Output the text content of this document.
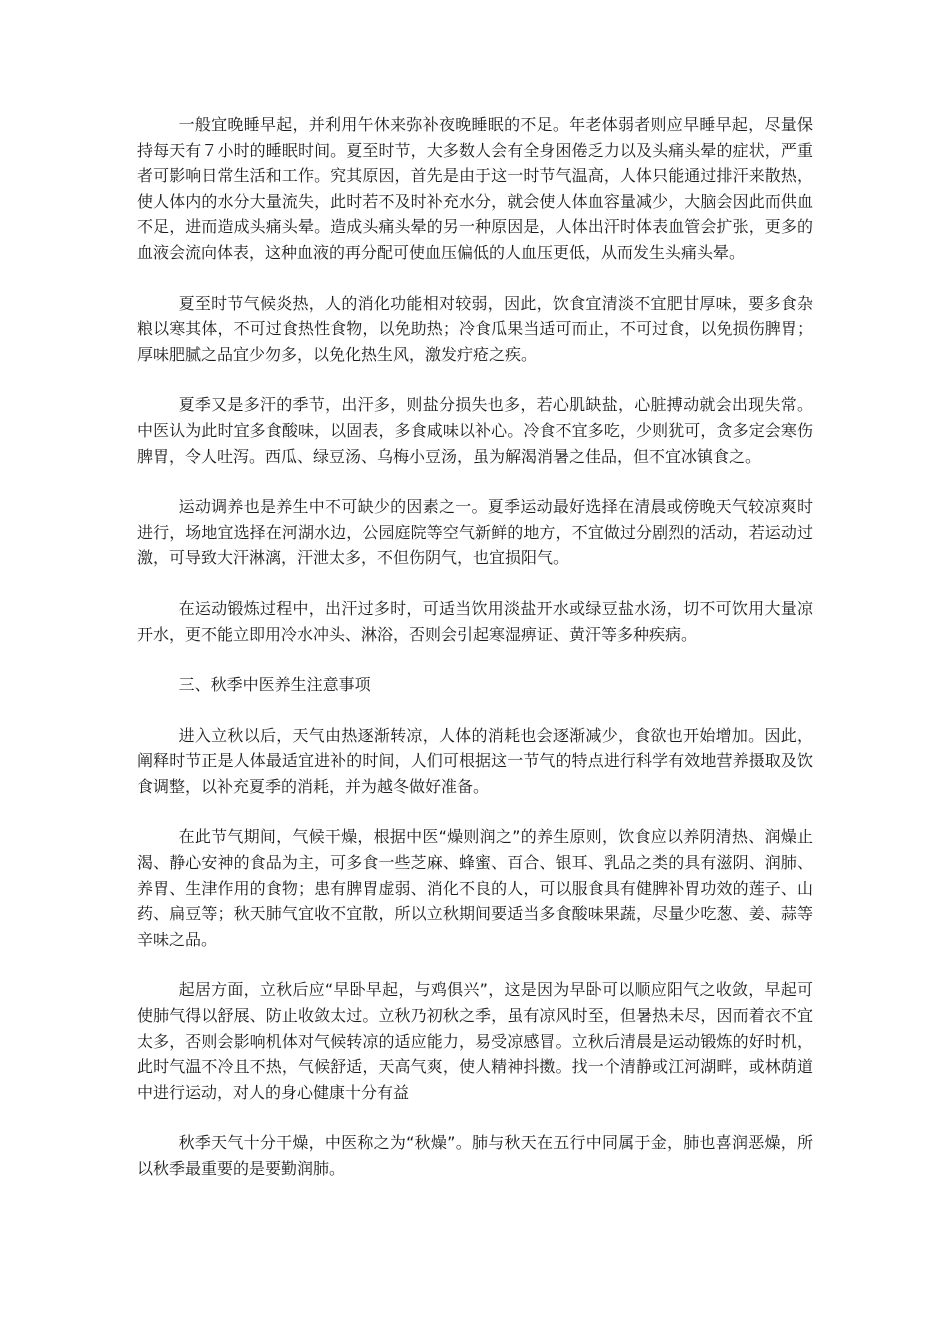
一般宜晚睡早起，并利用午休来弥补夜晚睡眠的不足。年老体弱者则应早睡早起，尽量保持每天有７小时的睡眠时间。夏至时节，大多数人会有全身困倦乏力以及头痛头晕的症状，严重者可影响日常生活和工作。究其原因，首先是由于这一时节气温高，人体只能通过排汗来散热，使人体内的水分大量流失，此时若不及时补充水分，就会使人体血容量减少，大脑会因此而供血不足，进而造成头痛头晕。造成头痛头晕的另一种原因是，人体出汗时体表血管会扩张，更多的血液会流向体表，这种血液的再分配可使血压偏低的人血压更低，从而发生头痛头晕。

夏至时节气候炎热，人的消化功能相对较弱，因此，饮食宜清淡不宜肥甘厚味，要多食杂粮以寒其体，不可过食热性食物，以免助热；冷食瓜果当适可而止，不可过食，以免损伤脾胃；厚味肥腻之品宜少勿多，以免化热生风，激发疔疮之疾。

夏季又是多汗的季节，出汗多，则盐分损失也多，若心肌缺盐，心脏搏动就会出现失常。中医认为此时宜多食酸味，以固表，多食咸味以补心。冷食不宜多吃，少则犹可，贪多定会寒伤脾胃，令人吐泻。西瓜、绿豆汤、乌梅小豆汤，虽为解渴消暑之佳品，但不宜冰镇食之。

运动调养也是养生中不可缺少的因素之一。夏季运动最好选择在清晨或傍晚天气较凉爽时进行，场地宜选择在河湖水边，公园庭院等空气新鲜的地方，不宜做过分剧烈的活动，若运动过激，可导致大汗淋漓，汗泄太多，不但伤阴气，也宜损阳气。

在运动锻炼过程中，出汗过多时，可适当饮用淡盐开水或绿豆盐水汤，切不可饮用大量凉开水，更不能立即用冷水冲头、淋浴，否则会引起寒湿痹证、黄汗等多种疾病。

三、秋季中医养生注意事项

进入立秋以后，天气由热逐渐转凉，人体的消耗也会逐渐减少，食欲也开始增加。因此，阐释时节正是人体最适宜进补的时间，人们可根据这一节气的特点进行科学有效地营养摄取及饮食调整，以补充夏季的消耗，并为越冬做好准备。

在此节气期间，气候干燥，根据中医“燥则润之”的养生原则，饮食应以养阴清热、润燥止渴、静心安神的食品为主，可多食一些芝麻、蜂蜜、百合、银耳、乳品之类的具有滋阴、润肺、养胃、生津作用的食物；患有脾胃虚弱、消化不良的人，可以服食具有健脾补胃功效的莲子、山药、扁豆等；秋天肺气宜收不宜散，所以立秋期间要适当多食酸味果蔬，尽量少吃葱、姜、蒜等辛味之品。

起居方面，立秋后应“早卧早起，与鸡俱兴”，这是因为早卧可以顺应阳气之收敛，早起可使肺气得以舒展、防止收敛太过。立秋乃初秋之季，虽有凉风时至，但暑热未尽，因而着衣不宜太多，否则会影响机体对气候转凉的适应能力，易受凉感冒。立秋后清晨是运动锻炼的好时机，此时气温不冷且不热，气候舒适，天高气爽，使人精神抖擞。找一个清静或江河湖畔，或林荫道中进行运动，对人的身心健康十分有益

秋季天气十分干燥，中医称之为“秋燥”。肺与秋天在五行中同属于金，肺也喜润恶燥，所以秋季最重要的是要勤润肺。
